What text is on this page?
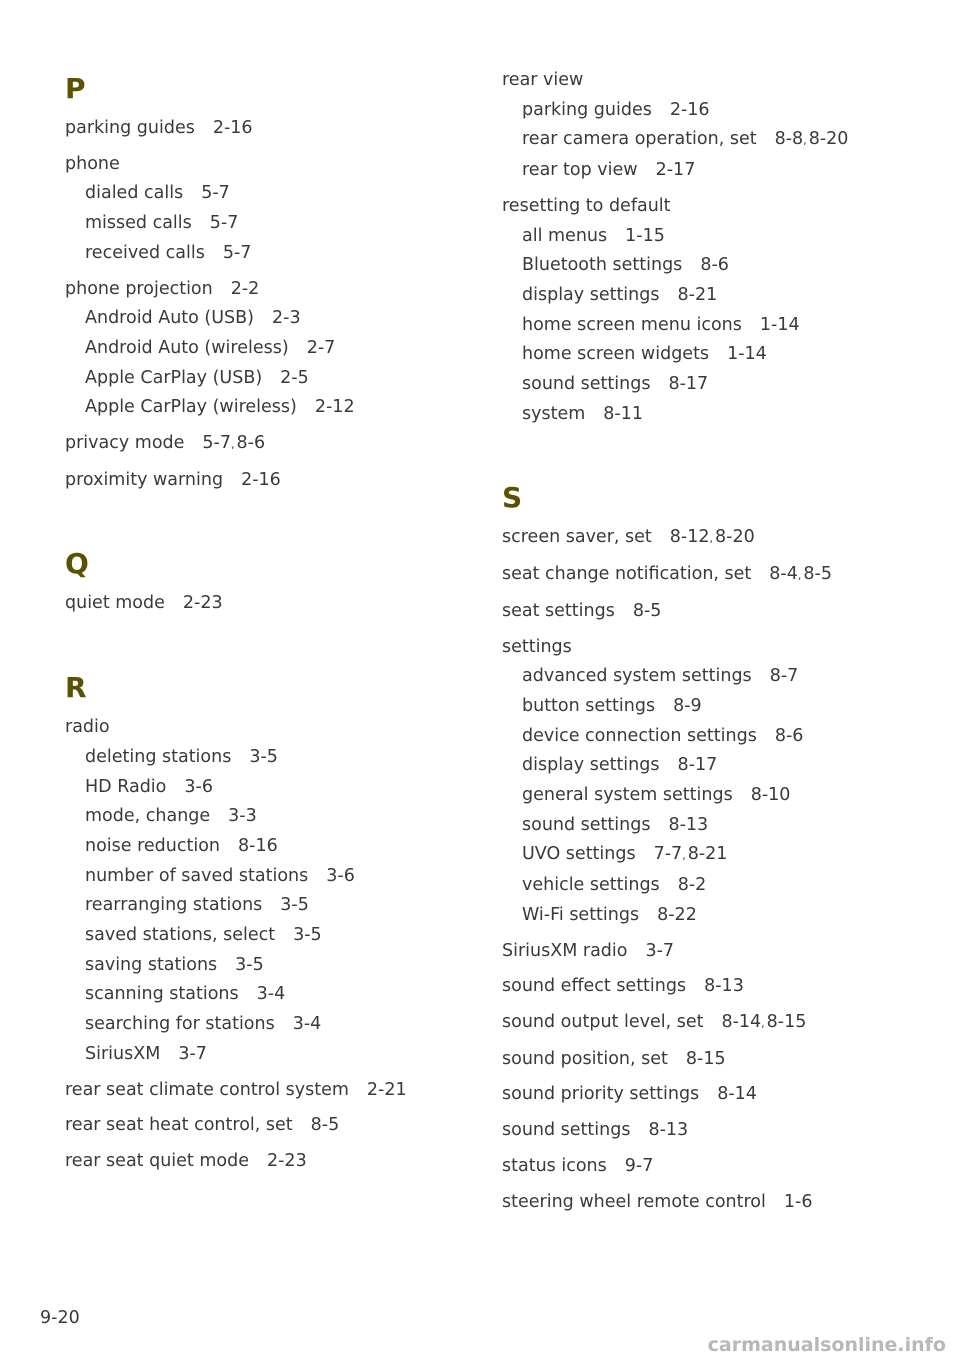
P
parking guides 2-16
phone
dialed calls 5-7
missed calls 5-7
received calls 5-7
phone projection 2-2
Android Auto (USB) 2-3
Android Auto (wireless) 2-7
Apple CarPlay (USB) 2-5
Apple CarPlay (wireless) 2-12
privacy mode 5-7, 8-6
proximity warning 2-16
Q
quiet mode 2-23
R
radio
deleting stations 3-5
HD Radio 3-6
mode, change 3-3
noise reduction 8-16
number of saved stations 3-6
rearranging stations 3-5
saved stations, select 3-5
saving stations 3-5
scanning stations 3-4
searching for stations 3-4
SiriusXM 3-7
rear seat climate control system 2-21
rear seat heat control, set 8-5
rear seat quiet mode 2-23
rear view
parking guides 2-16
rear camera operation, set 8-8, 8-20
rear top view 2-17
resetting to default
all menus 1-15
Bluetooth settings 8-6
display settings 8-21
home screen menu icons 1-14
home screen widgets 1-14
sound settings 8-17
system 8-11
S
screen saver, set 8-12, 8-20
seat change notification, set 8-4, 8-5
seat settings 8-5
settings
advanced system settings 8-7
button settings 8-9
device connection settings 8-6
display settings 8-17
general system settings 8-10
sound settings 8-13
UVO settings 7-7, 8-21
vehicle settings 8-2
Wi-Fi settings 8-22
SiriusXM radio 3-7
sound effect settings 8-13
sound output level, set 8-14, 8-15
sound position, set 8-15
sound priority settings 8-14
sound settings 8-13
status icons 9-7
steering wheel remote control 1-6
9-20
carmanualsonline.info
